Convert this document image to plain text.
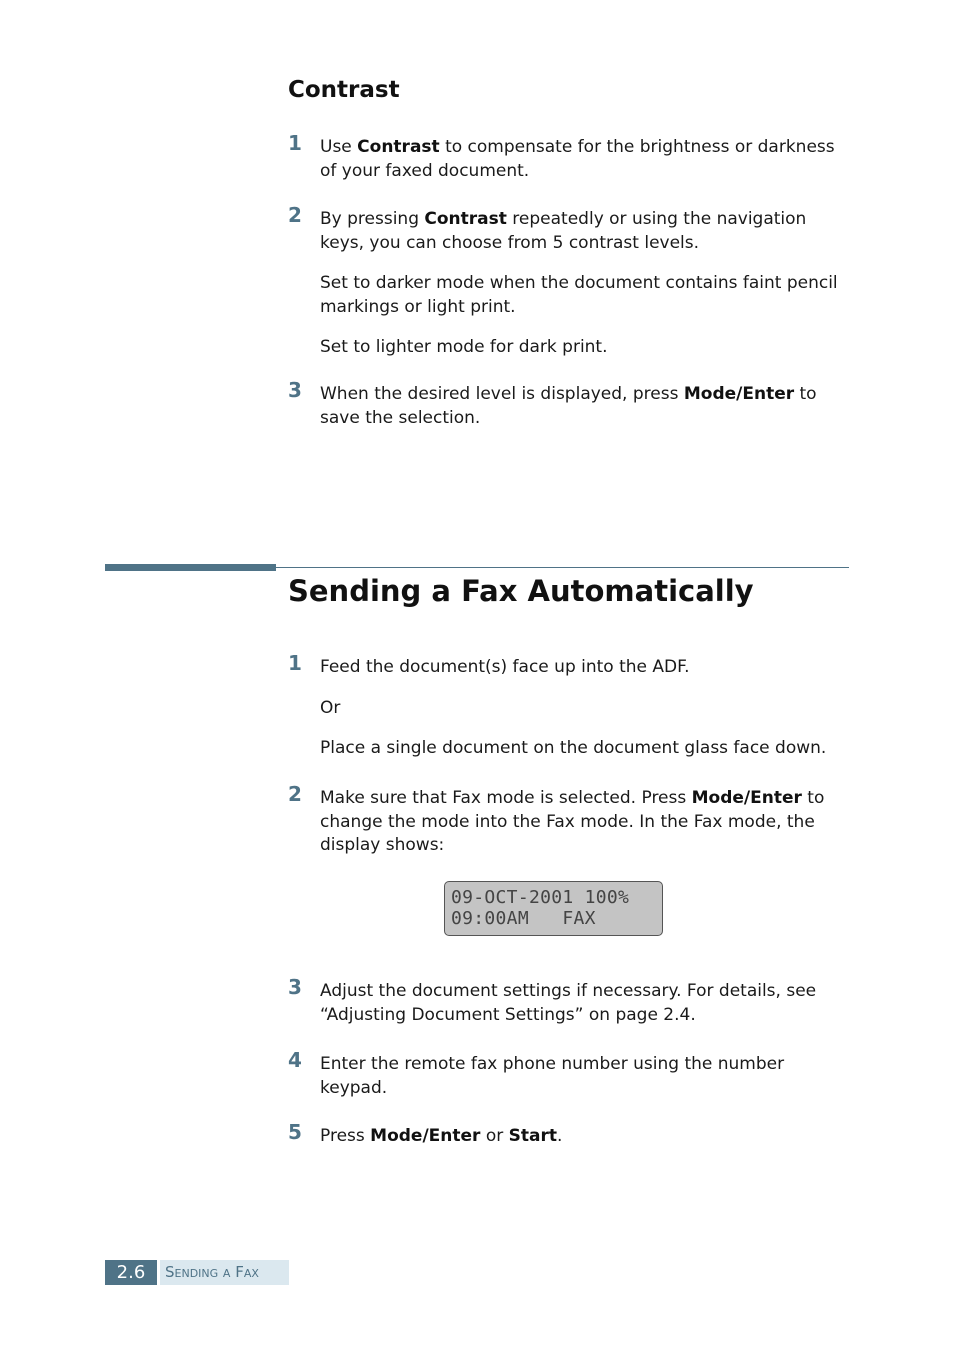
Contrast
1 Use Contrast to compensate for the brightness or darkness of your faxed document.

2 By pressing Contrast repeatedly or using the navigation keys, you can choose from 5 contrast levels.

Set to darker mode when the document contains faint pencil markings or light print.

Set to lighter mode for dark print.

3 When the desired level is displayed, press Mode/Enter to save the selection.

Sending a Fax Automatically
1 Feed the document(s) face up into the ADF.

Or

Place a single document on the document glass face down.

2 Make sure that Fax mode is selected. Press Mode/Enter to change the mode into the Fax mode. In the Fax mode, the display shows:

09-OCT-2001 100%
09:00AM   FAX
3 Adjust the document settings if necessary. For details, see “Adjusting Document Settings” on page 2.4.

4 Enter the remote fax phone number using the number keypad.

5 Press Mode/Enter or Start.

2.6	Sending a Fax
